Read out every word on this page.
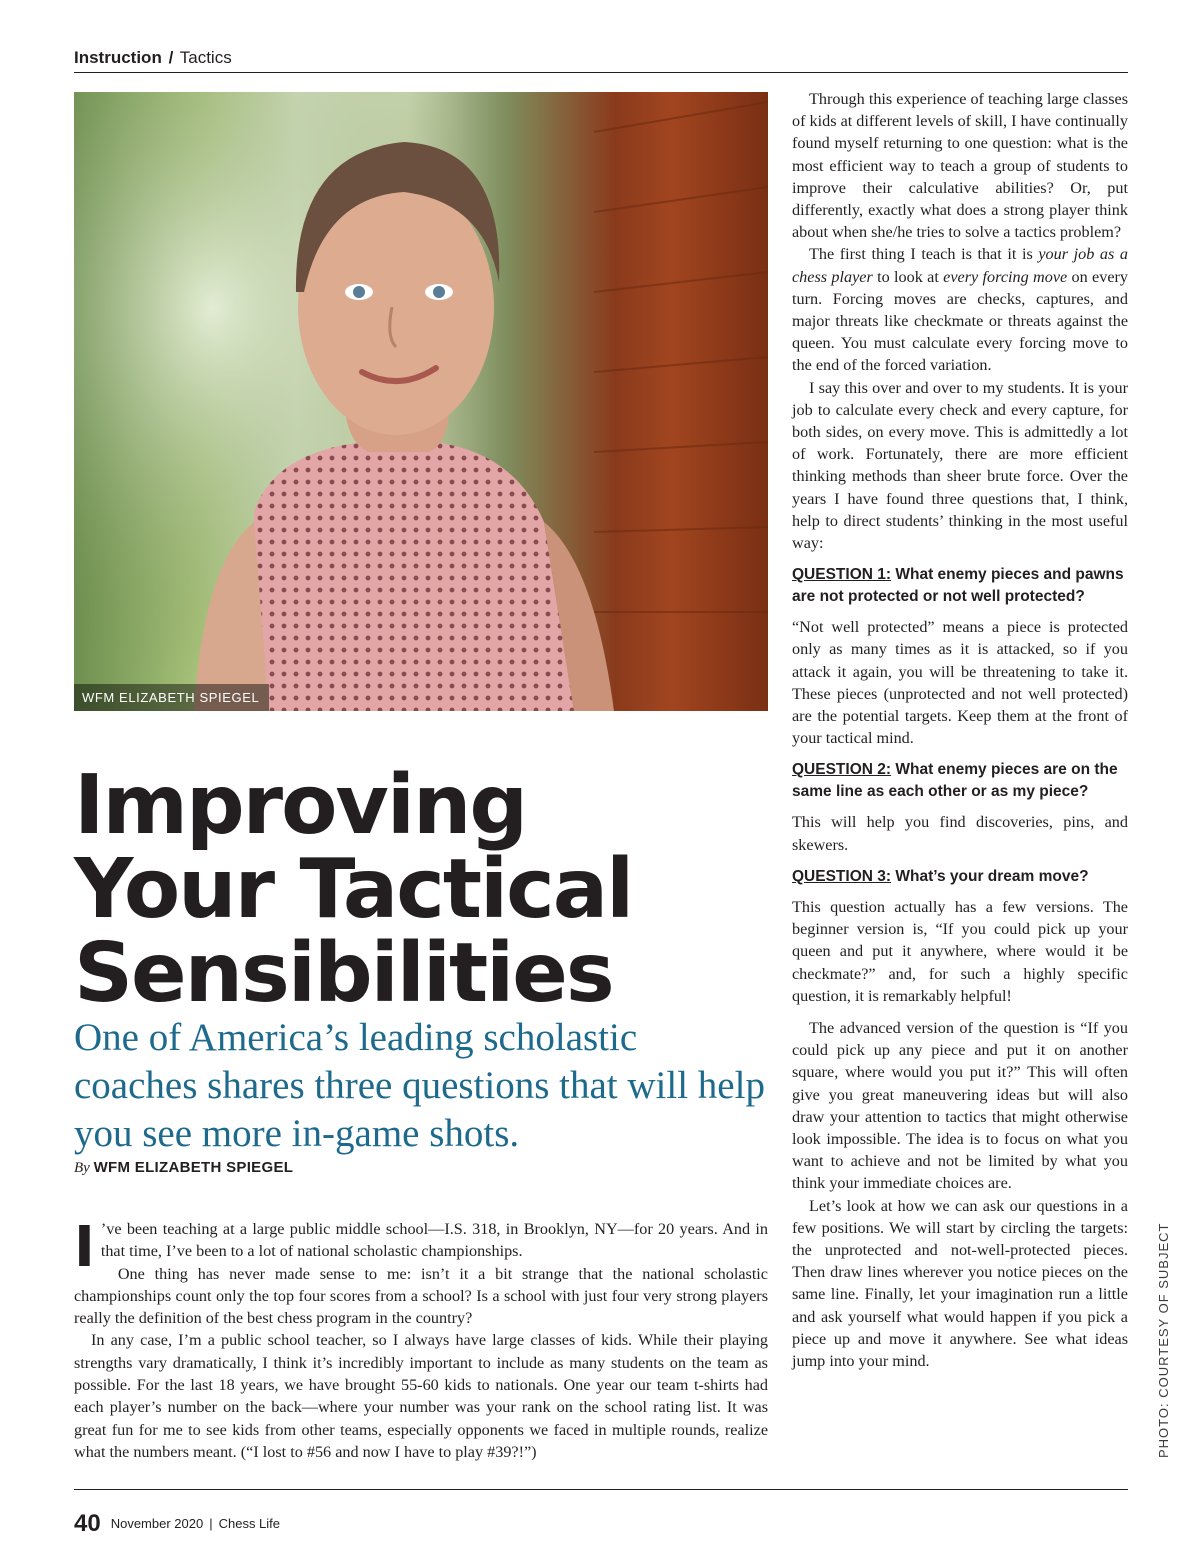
Instruction / Tactics
WFM ELIZABETH SPIEGEL
Improving
Your Tactical
Sensibilities
One of America’s leading scholastic coaches shares three questions that will help you see more in-game shots.
By WFM ELIZABETH SPIEGEL

I ’ve been teaching at a large public middle school—I.S. 318, in Brooklyn, NY—for 20 years. And in that time, I’ve been to a lot of national scholastic championships.

One thing has never made sense to me: isn’t it a bit strange that the national scholastic championships count only the top four scores from a school? Is a school with just four very strong players really the definition of the best chess program in the country?

In any case, I’m a public school teacher, so I always have large classes of kids. While their playing strengths vary dramatically, I think it’s incredibly important to include as many students on the team as possible. For the last 18 years, we have brought 55-60 kids to nationals. One year our team t-shirts had each player’s number on the back—where your number was your rank on the school rating list. It was great fun for me to see kids from other teams, especially opponents we faced in multiple rounds, realize what the numbers meant. (“I lost to #56 and now I have to play #39?!”)

Through this experience of teaching large classes of kids at different levels of skill, I have continually found myself returning to one question: what is the most efficient way to teach a group of students to improve their calculative abilities? Or, put differently, exactly what does a strong player think about when she/he tries to solve a tactics problem?

The first thing I teach is that it is your job as a chess player to look at every forcing move on every turn. Forcing moves are checks, captures, and major threats like checkmate or threats against the queen. You must calculate every forcing move to the end of the forced variation.

I say this over and over to my students. It is your job to calculate every check and every capture, for both sides, on every move. This is admittedly a lot of work. Fortunately, there are more efficient thinking methods than sheer brute force. Over the years I have found three questions that, I think, help to direct students’ thinking in the most useful way:

QUESTION 1: What enemy pieces and pawns are not protected or not well protected?

“Not well protected” means a piece is protected only as many times as it is attacked, so if you attack it again, you will be threatening to take it. These pieces (unprotected and not well protected) are the potential targets. Keep them at the front of your tactical mind.

QUESTION 2: What enemy pieces are on the same line as each other or as my piece?

This will help you find discoveries, pins, and skewers.

QUESTION 3: What’s your dream move?

This question actually has a few versions. The beginner version is, “If you could pick up your queen and put it anywhere, where would it be checkmate?” and, for such a highly specific question, it is remarkably helpful!

The advanced version of the question is “If you could pick up any piece and put it on another square, where would you put it?” This will often give you great maneuvering ideas but will also draw your attention to tactics that might otherwise look impossible. The idea is to focus on what you want to achieve and not be limited by what you think your immediate choices are.

Let’s look at how we can ask our questions in a few positions. We will start by circling the targets: the unprotected and not-well-protected pieces. Then draw lines wherever you notice pieces on the same line. Finally, let your imagination run a little and ask yourself what would happen if you pick a piece up and move it anywhere. See what ideas jump into your mind.	PHOTO: COURTESY OF SUBJECT
40 November 2020 | Chess Life
